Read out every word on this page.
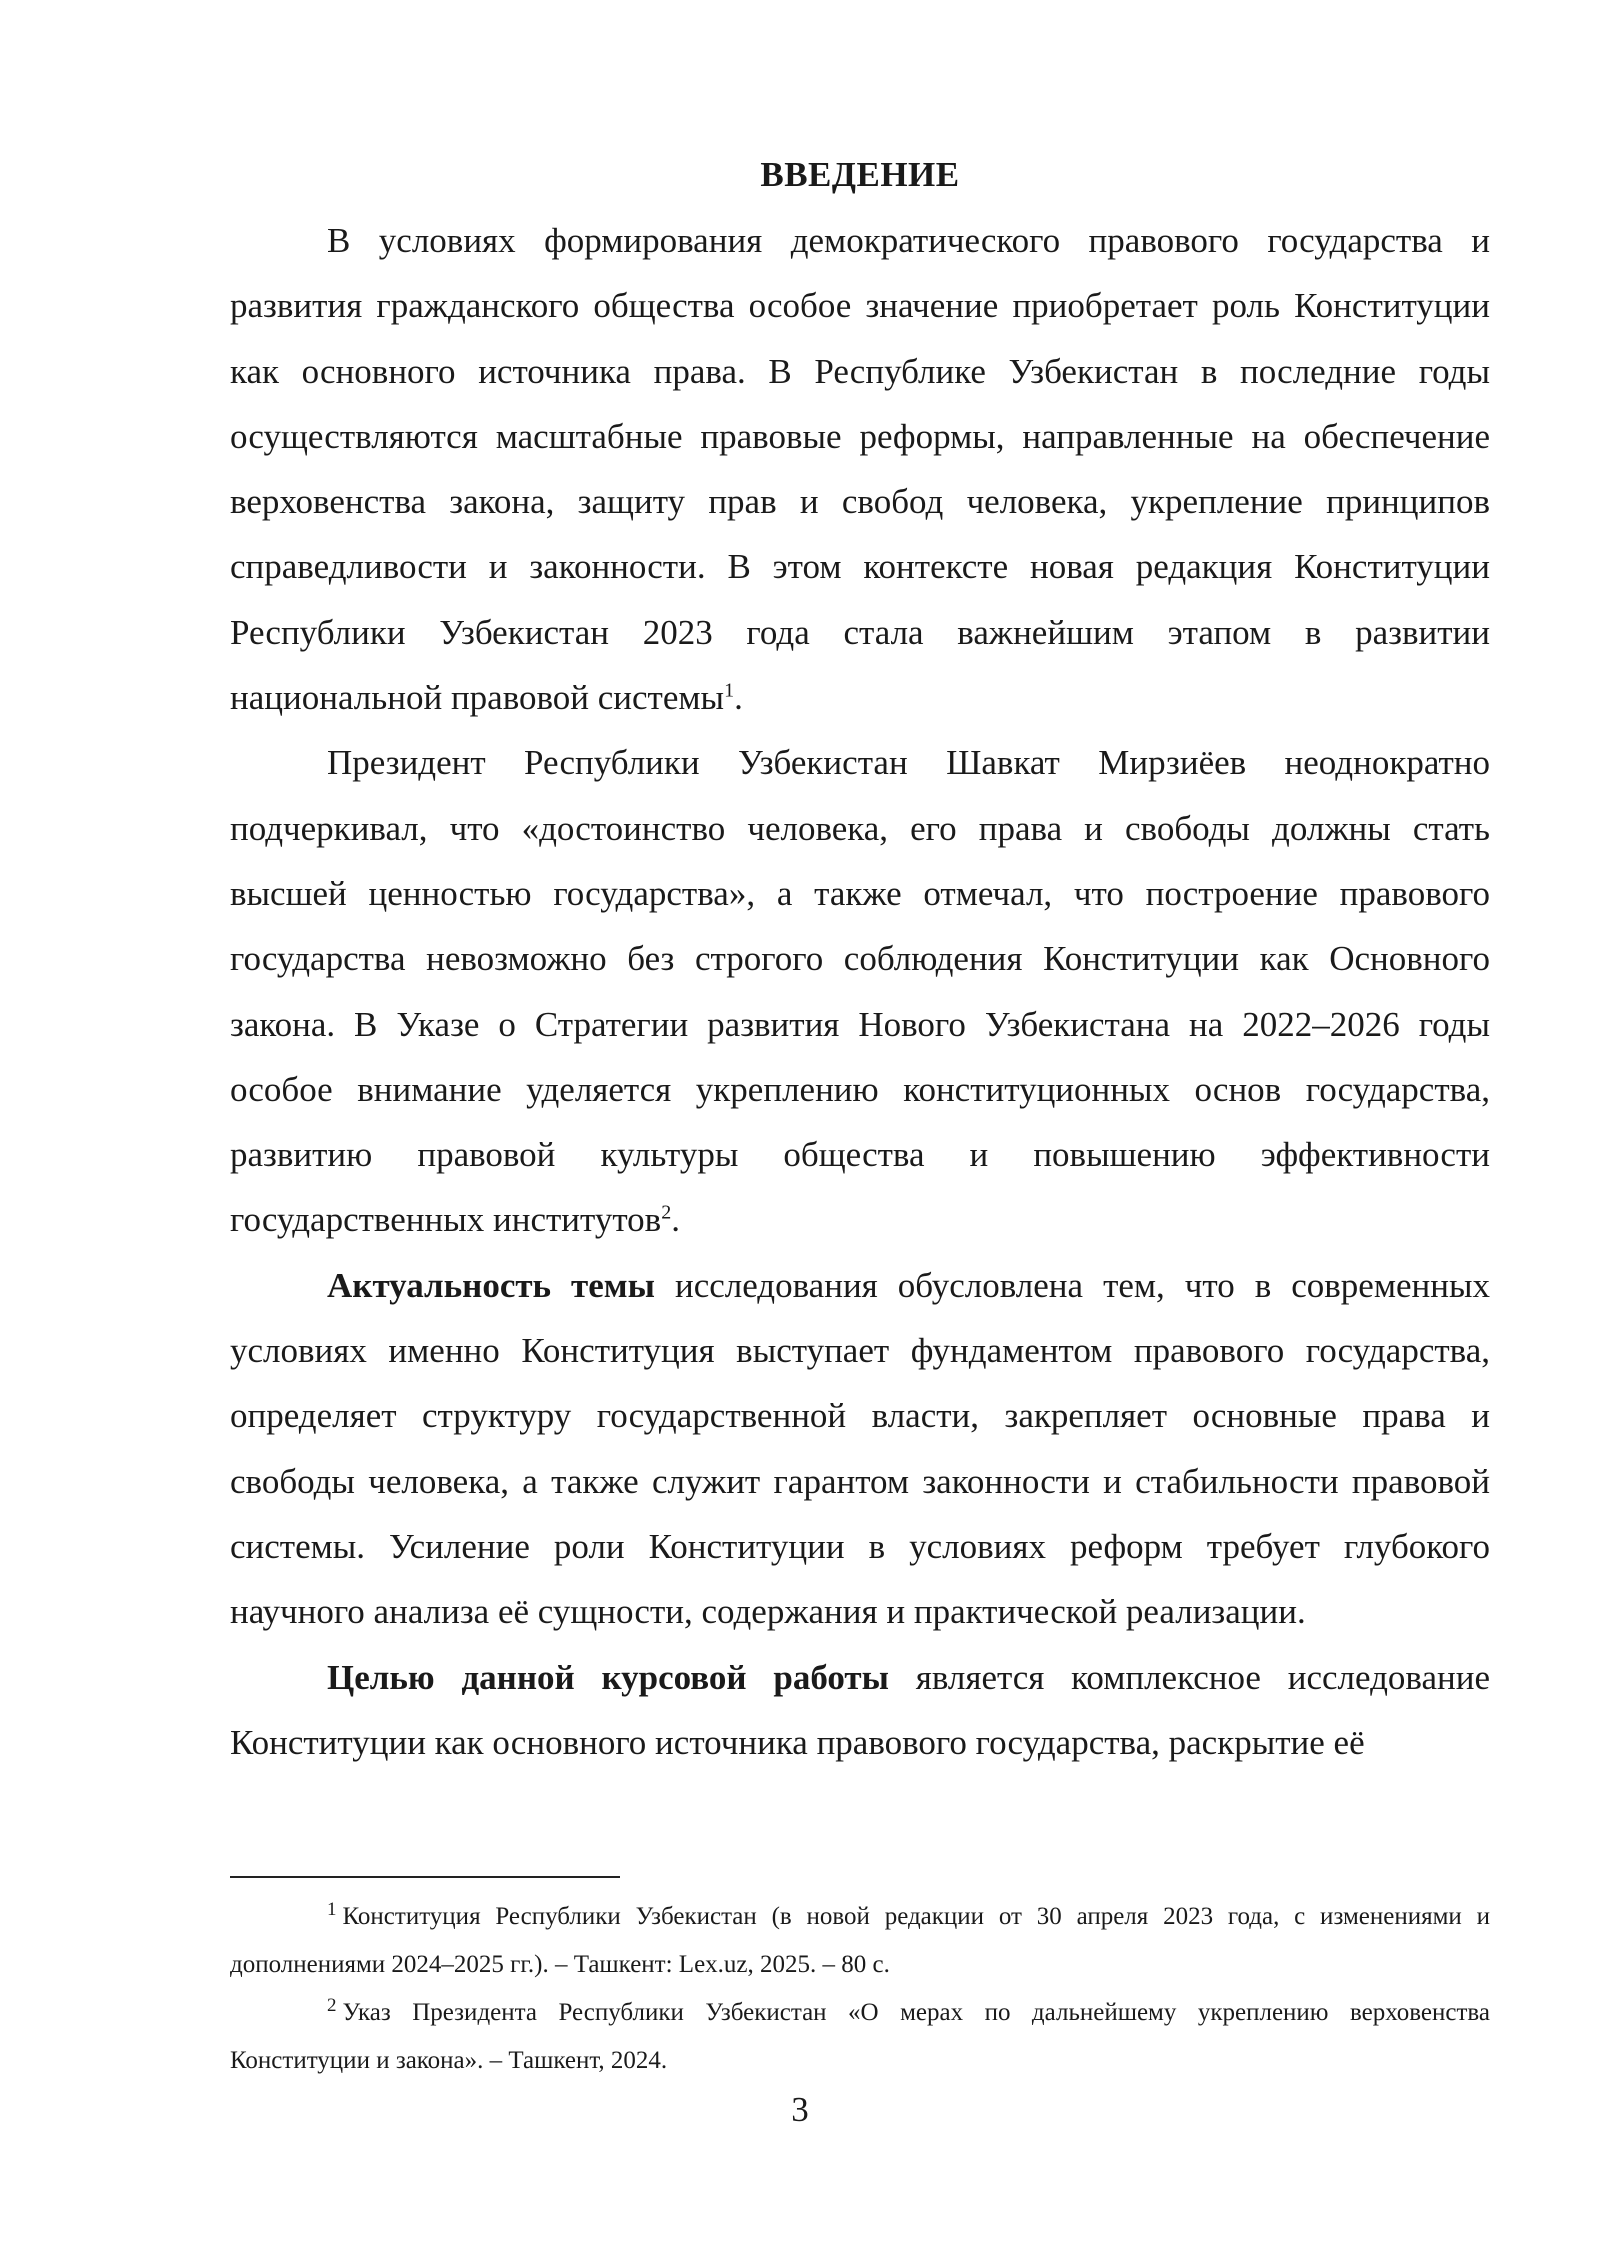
ВВЕДЕНИЕ

В условиях формирования демократического правового государства и развития гражданского общества особое значение приобретает роль Конституции как основного источника права. В Республике Узбекистан в последние годы осуществляются масштабные правовые реформы, направленные на обеспечение верховенства закона, защиту прав и свобод человека, укрепление принципов справедливости и законности. В этом контексте новая редакция Конституции Республики Узбекистан 2023 года стала важнейшим этапом в развитии национальной правовой системы$^1$.

Президент Республики Узбекистан Шавкат Мирзиёев неоднократно подчеркивал, что «достоинство человека, его права и свободы должны стать высшей ценностью государства», а также отмечал, что построение правового государства невозможно без строгого соблюдения Конституции как Основного закона. В Указе о Стратегии развития Нового Узбекистана на 2022–2026 годы особое внимание уделяется укреплению конституционных основ государства, развитию правовой культуры общества и повышению эффективности государственных институтов$^2$.

Актуальность темы исследования обусловлена тем, что в современных условиях именно Конституция выступает фундаментом правового государства, определяет структуру государственной власти, закрепляет основные права и свободы человека, а также служит гарантом законности и стабильности правовой системы. Усиление роли Конституции в условиях реформ требует глубокого научного анализа её сущности, содержания и практической реализации.

Целью данной курсовой работы является комплексное исследование Конституции как основного источника правового государства, раскрытие её

$^1$ Конституция Республики Узбекистан (в новой редакции от 30 апреля 2023 года, с изменениями и дополнениями 2024–2025 гг.). – Ташкент: Lex.uz, 2025. – 80 с.

$^2$ Указ Президента Республики Узбекистан «О мерах по дальнейшему укреплению верховенства Конституции и закона». – Ташкент, 2024.

3
